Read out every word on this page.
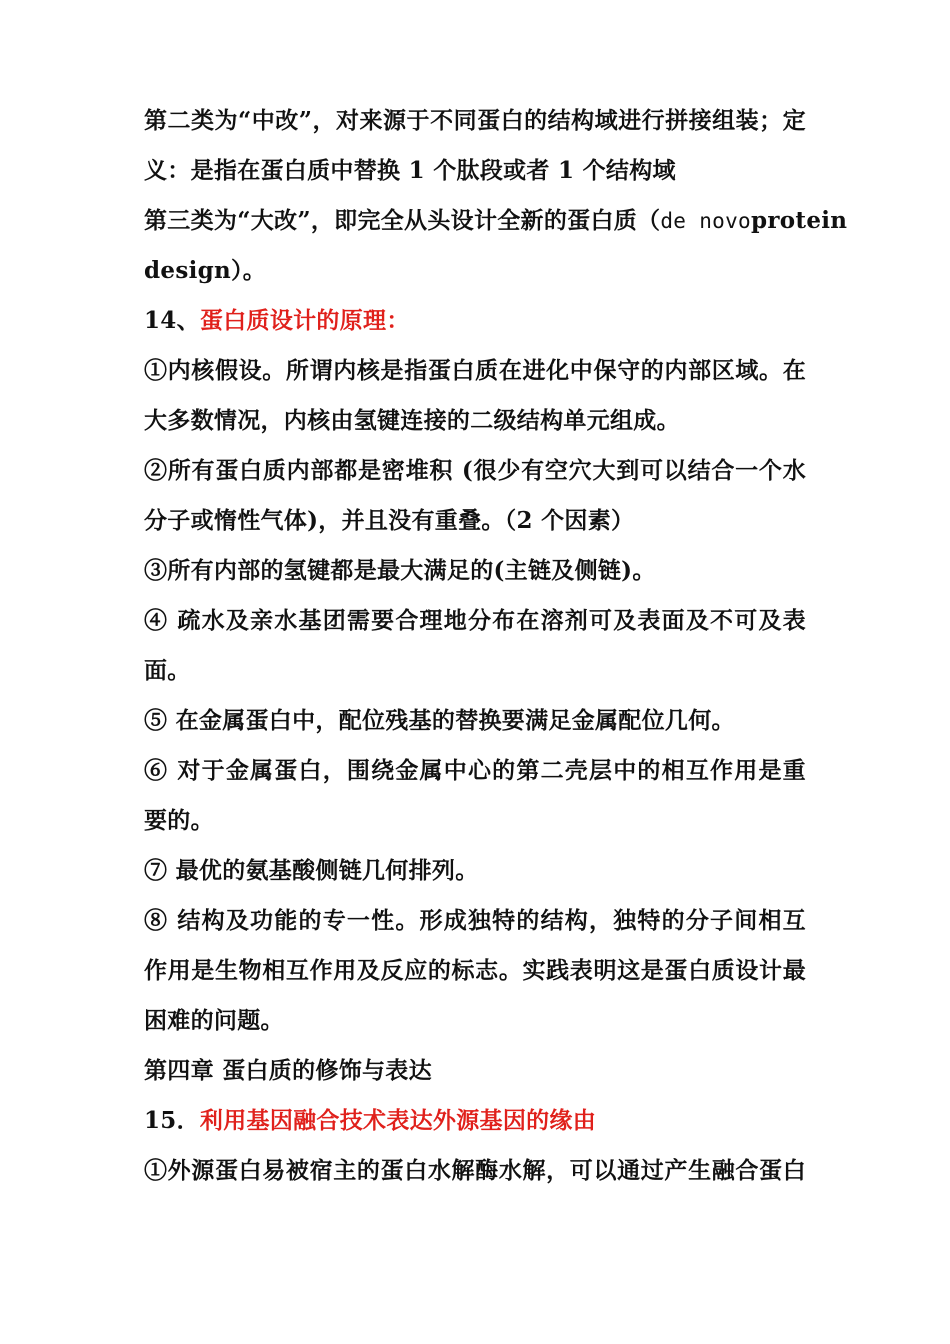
第二类为“中改”，对来源于不同蛋白的结构域进行拼接组装；定
义：是指在蛋白质中替换 1 个肽段或者 1 个结构域
第三类为“大改”，即完全从头设计全新的蛋白质（de novo protein
design）。
14、蛋白质设计的原理：
①内核假设。所谓内核是指蛋白质在进化中保守的内部区域。在
大多数情况，内核由氢键连接的二级结构单元组成。
②所有蛋白质内部都是密堆积 (很少有空穴大到可以结合一个水
分子或惰性气体)，并且没有重叠。（2 个因素）
③所有内部的氢键都是最大满足的(主链及侧链)。
④ 疏水及亲水基团需要合理地分布在溶剂可及表面及不可及表
面。
⑤ 在金属蛋白中，配位残基的替换要满足金属配位几何。
⑥ 对于金属蛋白，围绕金属中心的第二壳层中的相互作用是重
要的。
⑦ 最优的氨基酸侧链几何排列。
⑧ 结构及功能的专一性。形成独特的结构，独特的分子间相互
作用是生物相互作用及反应的标志。实践表明这是蛋白质设计最
困难的问题。
第四章 蛋白质的修饰与表达
15．利用基因融合技术表达外源基因的缘由
①外源蛋白易被宿主的蛋白水解酶水解，可以通过产生融合蛋白
